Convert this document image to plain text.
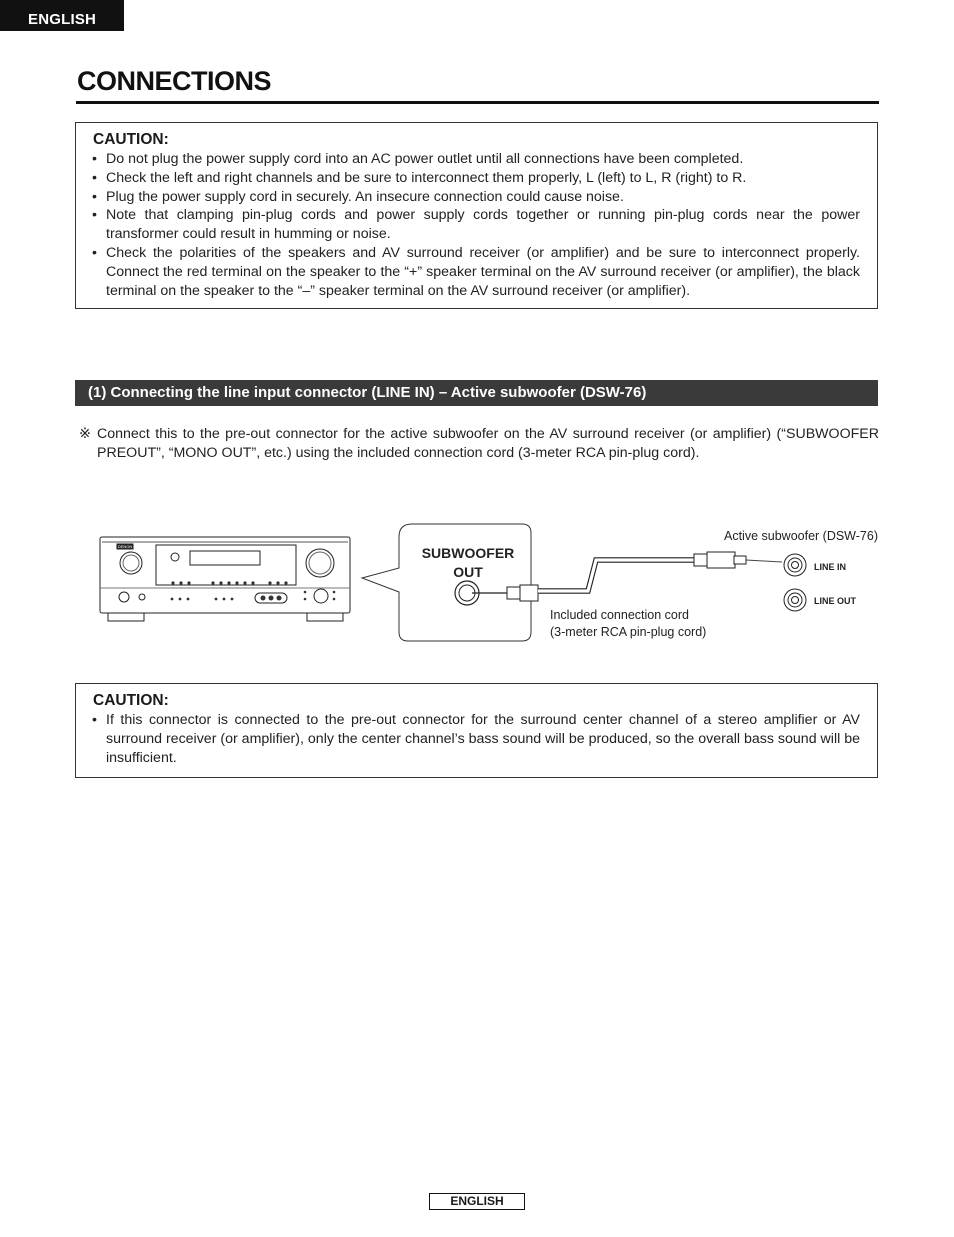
ENGLISH
CONNECTIONS
CAUTION:
• Do not plug the power supply cord into an AC power outlet until all connections have been completed.
• Check the left and right channels and be sure to interconnect them properly, L (left) to L, R (right) to R.
• Plug the power supply cord in securely. An insecure connection could cause noise.
• Note that clamping pin-plug cords and power supply cords together or running pin-plug cords near the power transformer could result in humming or noise.
• Check the polarities of the speakers and AV surround receiver (or amplifier) and be sure to interconnect properly. Connect the red terminal on the speaker to the “+” speaker terminal on the AV surround receiver (or amplifier), the black terminal on the speaker to the “–” speaker terminal on the AV surround receiver (or amplifier).
(1) Connecting the line input connector (LINE IN) – Active subwoofer (DSW-76)
※ Connect this to the pre-out connector for the active subwoofer on the AV surround receiver (or amplifier) (“SUBWOOFER PREOUT”, “MONO OUT”, etc.) using the included connection cord (3-meter RCA pin-plug cord).
DENON	SUBWOOFER
OUT
Active subwoofer (DSW-76)
LINE IN
LINE OUT
Included connection cord
(3-meter RCA pin-plug cord)
CAUTION:
• If this connector is connected to the pre-out connector for the surround center channel of a stereo amplifier or AV surround receiver (or amplifier), only the center channel’s bass sound will be produced, so the overall bass sound will be insufficient.
ENGLISH
